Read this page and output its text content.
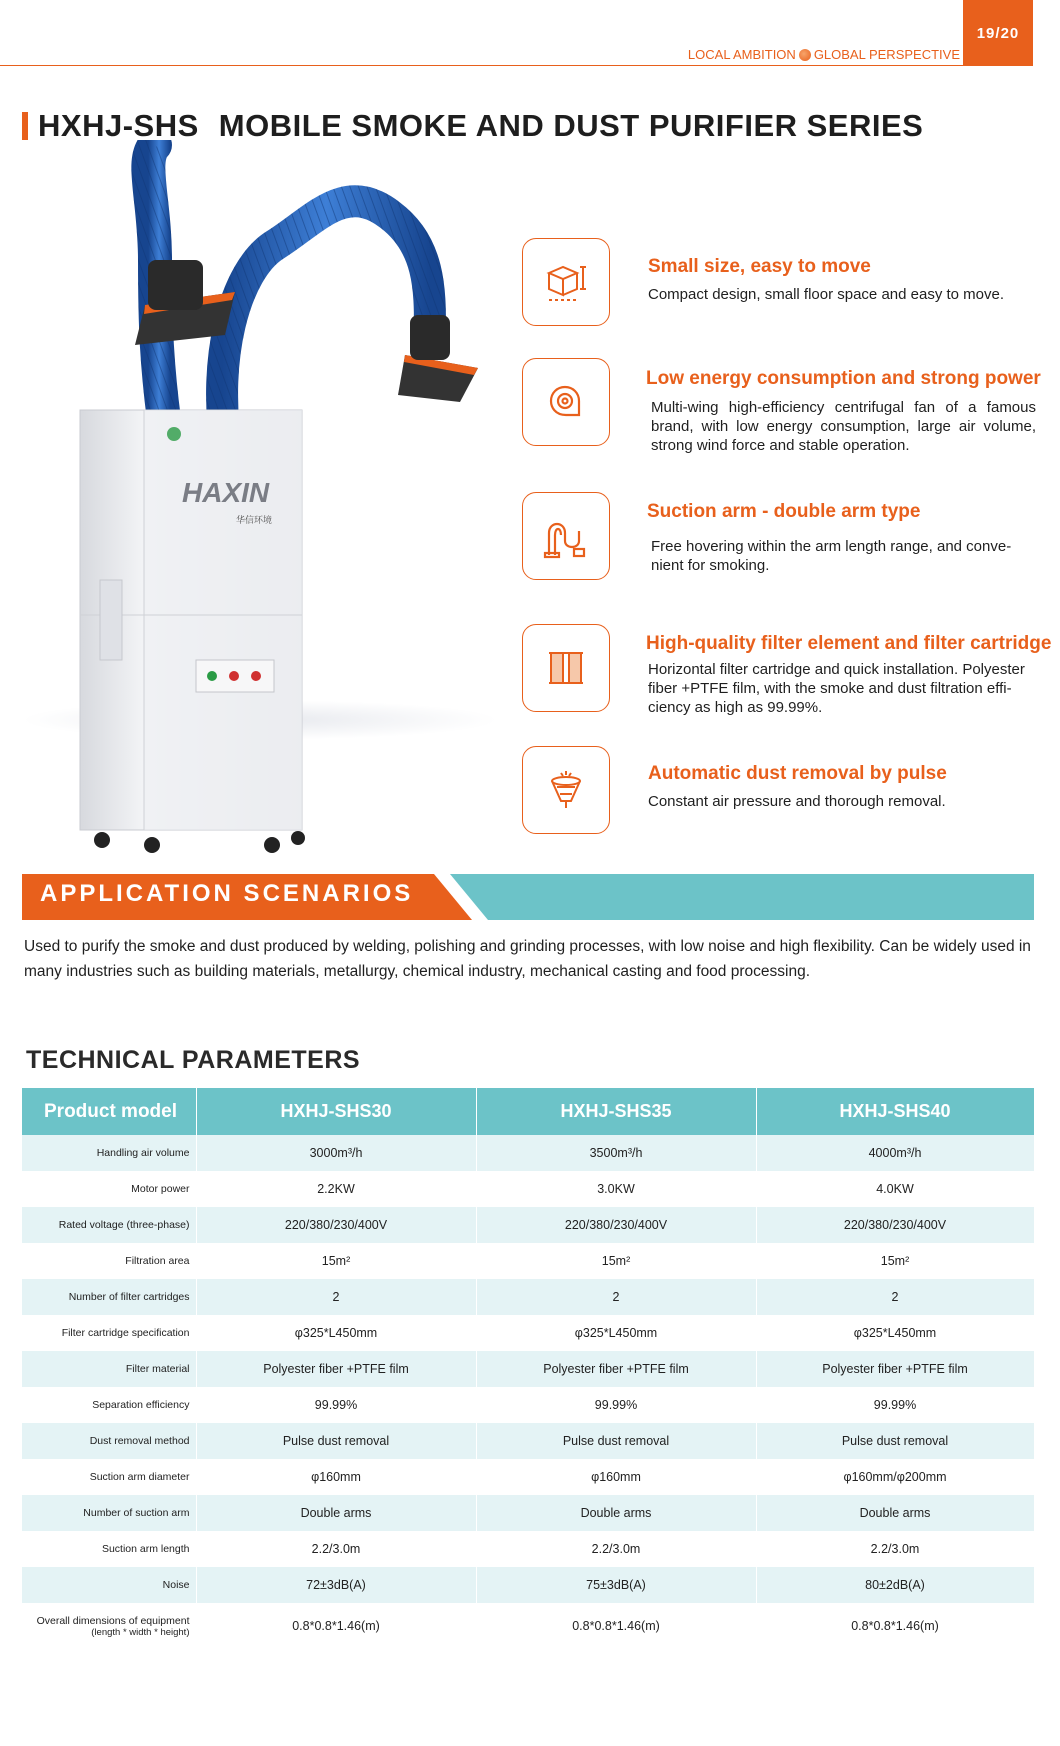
19/20
LOCAL AMBITION GLOBAL PERSPECTIVE
HXHJ-SHS MOBILE SMOKE AND DUST PURIFIER SERIES
HAXIN
华信环境
Small size, easy to move
Compact design, small floor space and easy to move.
Low energy consumption and strong power
Multi-wing high-efficiency centrifugal fan of a famous brand, with low energy consumption, large air volume, strong wind force and stable operation.
Suction arm - double arm type
Free hovering within the arm length range, and conve-nient for smoking.
High-quality filter element and filter cartridge
Horizontal filter cartridge and quick installation. Polyester fiber +PTFE film, with the smoke and dust filtration effi-ciency as high as 99.99%.
Automatic dust removal by pulse
Constant air pressure and thorough removal.
APPLICATION SCENARIOS
Used to purify the smoke and dust produced by welding, polishing and grinding processes, with low noise and high flexibility. Can be widely used in many industries such as building materials, metallurgy, chemical industry, mechanical casting and food processing.
TECHNICAL PARAMETERS
Product model	HXHJ-SHS30	HXHJ-SHS35	HXHJ-SHS40
Handling air volume	3000m³/h	3500m³/h	4000m³/h
Motor power	2.2KW	3.0KW	4.0KW
Rated voltage (three-phase)	220/380/230/400V	220/380/230/400V	220/380/230/400V
Filtration area	15m²	15m²	15m²
Number of filter cartridges	2	2	2
Filter cartridge specification	φ325*L450mm	φ325*L450mm	φ325*L450mm
Filter material	Polyester fiber +PTFE film	Polyester fiber +PTFE film	Polyester fiber +PTFE film
Separation efficiency	99.99%	99.99%	99.99%
Dust removal method	Pulse dust removal	Pulse dust removal	Pulse dust removal
Suction arm diameter	φ160mm	φ160mm	φ160mm/φ200mm
Number of suction arm	Double arms	Double arms	Double arms
Suction arm length	2.2/3.0m	2.2/3.0m	2.2/3.0m
Noise	72±3dB(A)	75±3dB(A)	80±2dB(A)
Overall dimensions of equipment
(length * width * height)	0.8*0.8*1.46(m)	0.8*0.8*1.46(m)	0.8*0.8*1.46(m)
